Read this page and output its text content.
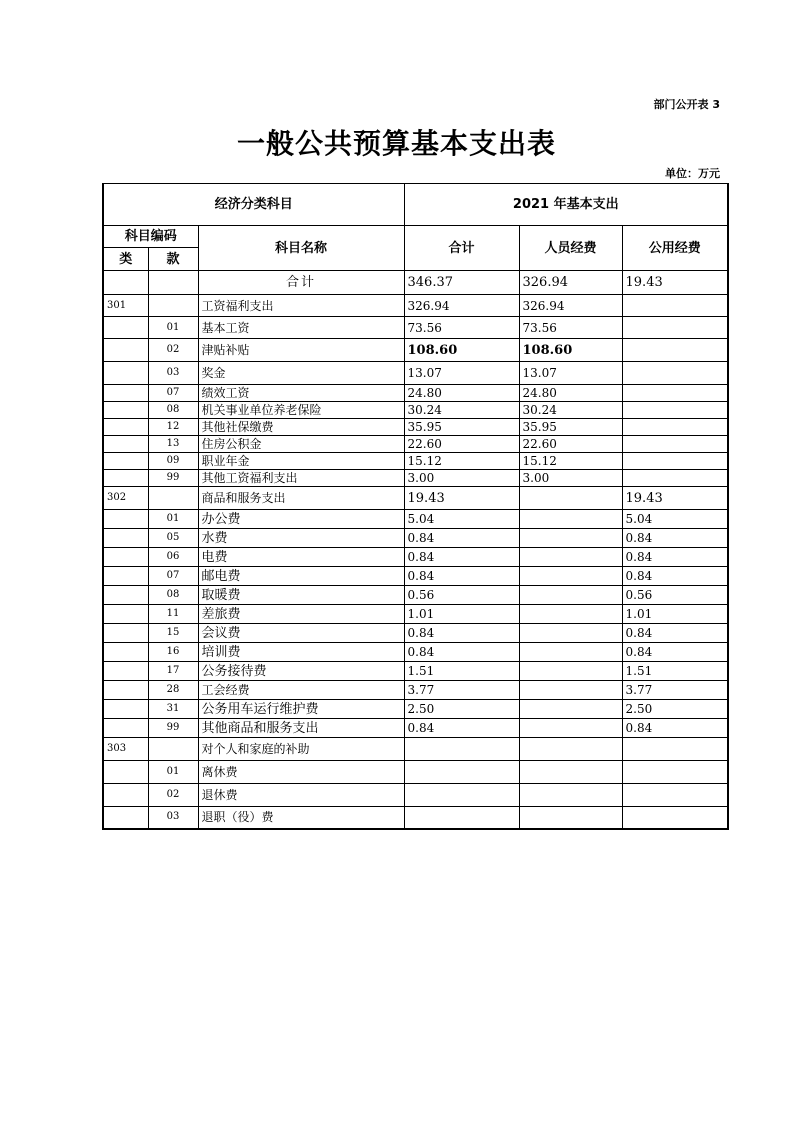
部门公开表 3
一般公共预算基本支出表
单位：万元
经济分类科目			2021 年基本支出		
科目编码		科目名称	合计	人员经费	公用经费
类	款				
		合计	346.37	326.94	19.43
301		工资福利支出	326.94	326.94	
	01	基本工资	73.56	73.56	
	02	津贴补贴	108.60	108.60	
	03	奖金	13.07	13.07	
	07	绩效工资	24.80	24.80	
	08	机关事业单位养老保险	30.24	30.24	
	12	其他社保缴费	35.95	35.95	
	13	住房公积金	22.60	22.60	
	09	职业年金	15.12	15.12	
	99	其他工资福利支出	3.00	3.00	
302		商品和服务支出	19.43		19.43
	01	办公费	5.04		5.04
	05	水费	0.84		0.84
	06	电费	0.84		0.84
	07	邮电费	0.84		0.84
	08	取暖费	0.56		0.56
	11	差旅费	1.01		1.01
	15	会议费	0.84		0.84
	16	培训费	0.84		0.84
	17	公务接待费	1.51		1.51
	28	工会经费	3.77		3.77
	31	公务用车运行维护费	2.50		2.50
	99	其他商品和服务支出	0.84		0.84
303		对个人和家庭的补助			
	01	离休费			
	02	退休费			
	03	退职（役）费			
